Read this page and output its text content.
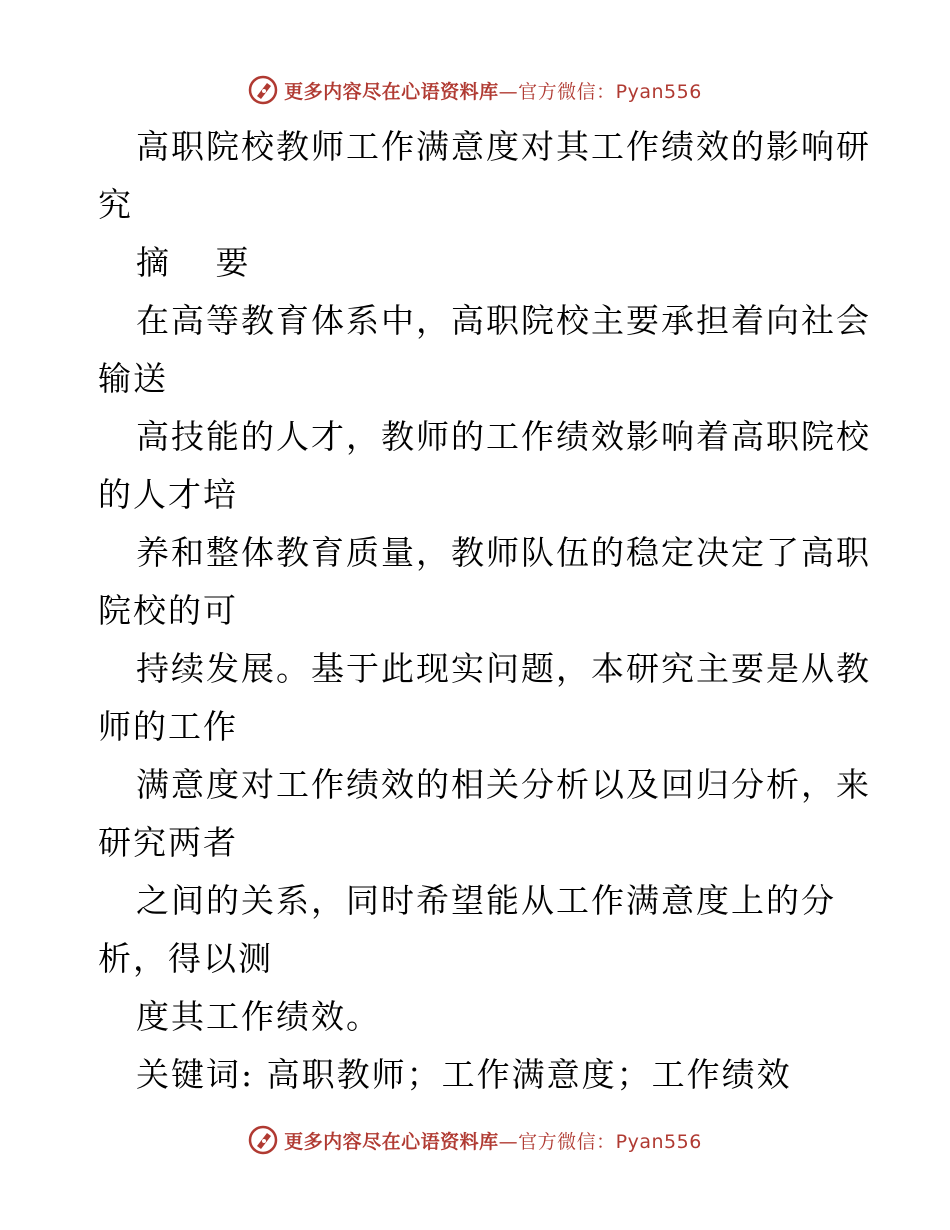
更多内容尽在心语资料库—官方微信：Pyan556
高职院校教师工作满意度对其工作绩效的影响研
究
摘 要
在高等教育体系中，高职院校主要承担着向社会
输送
高技能的人才，教师的工作绩效影响着高职院校
的人才培
养和整体教育质量，教师队伍的稳定决定了高职
院校的可
持续发展。基于此现实问题，本研究主要是从教
师的工作
满意度对工作绩效的相关分析以及回归分析，来
研究两者
之间的关系，同时希望能从工作满意度上的分
析，得以测
度其工作绩效。
关键词: 高职教师；工作满意度；工作绩效
更多内容尽在心语资料库—官方微信：Pyan556
